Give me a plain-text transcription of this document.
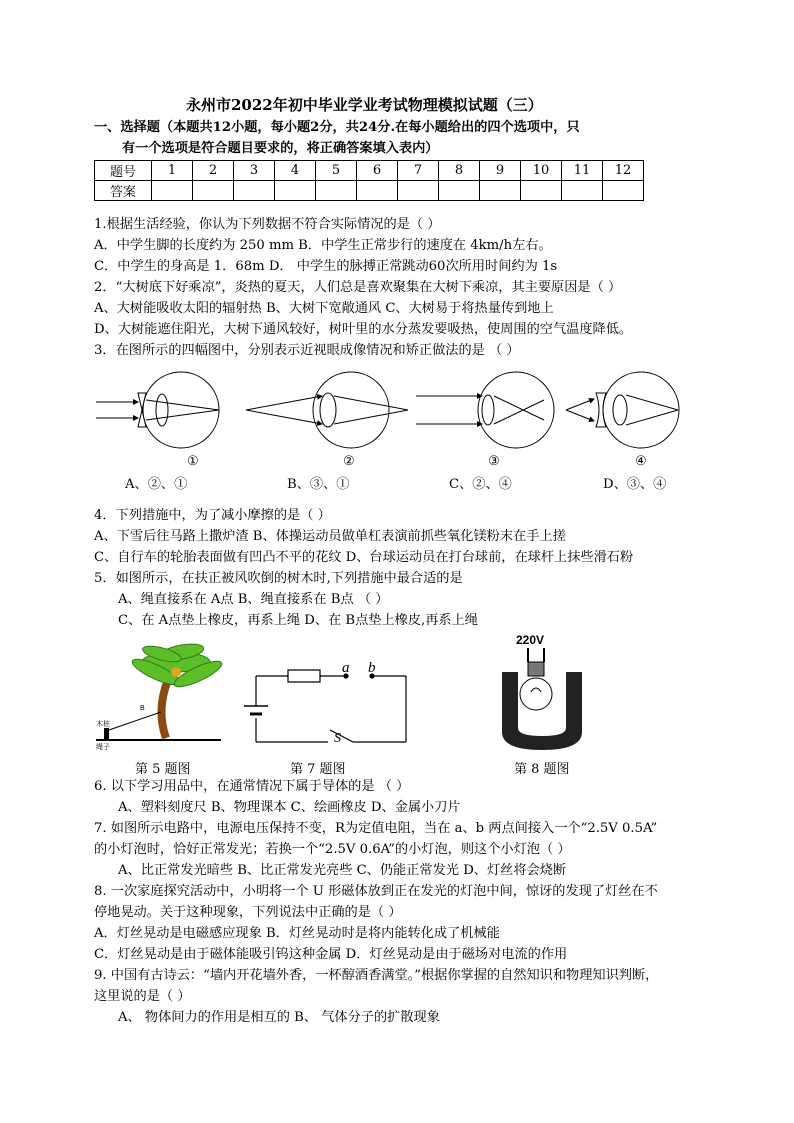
永州市2022年初中毕业学业考试物理模拟试题（三）
一、选择题（本题共12小题，每小题2分，共24分.在每小题给出的四个选项中，只
有一个选项是符合题目要求的，将正确答案填入表内）
题号	1	2	3	4	5	6	7	8	9	10	11	12
答案												
1.根据生活经验，你认为下列数据不符合实际情况的是（ ）
A．中学生脚的长度约为 250 mm B．中学生正常步行的速度在 4km/h左右。
C．中学生的身高是 1．68m D． 中学生的脉搏正常跳动60次所用时间约为 1s
2．“大树底下好乘凉”，炎热的夏天，人们总是喜欢聚集在大树下乘凉，其主要原因是（ ）
A、大树能吸收太阳的辐射热 B、大树下宽敞通风 C、大树易于将热量传到地上
D、大树能遮住阳光，大树下通风较好，树叶里的水分蒸发要吸热，使周围的空气温度降低。
3．在图所示的四幅图中，分别表示近视眼成像情况和矫正做法的是 （ ）
①	②	③	④
A、②、①	B、③、①	C、②、④	D、③、④
4．下列措施中，为了减小摩擦的是（ ）
A、下雪后往马路上撒炉渣 B、体操运动员做单杠表演前抓些氧化镁粉末在手上搓
C、自行车的轮胎表面做有凹凸不平的花纹 D、台球运动员在打台球前，在球杆上抹些滑石粉
5．如图所示，在扶正被风吹倒的树木时,下列措施中最合适的是
A、绳直接系在 A点 B、绳直接系在 B点 （ ）
C、在 A点垫上橡皮，再系上绳 D、在 B点垫上橡皮,再系上绳
B
木桩
绳子
第 5 题图
a b
S
第 7 题图
220V
第 8 题图
6. 以下学习用品中，在通常情况下属于导体的是 （ ）
A、塑料刻度尺 B、物理课本 C、绘画橡皮 D、金属小刀片
7. 如图所示电路中，电源电压保持不变，R为定值电阻，当在 a、b 两点间接入一个“2.5V 0.5A”
的小灯泡时，恰好正常发光；若换一个“2.5V 0.6A”的小灯泡，则这个小灯泡（ ）
A、比正常发光暗些 B、比正常发光亮些 C、仍能正常发光 D、灯丝将会烧断
8. 一次家庭探究活动中，小明将一个 U 形磁体放到正在发光的灯泡中间，惊讶的发现了灯丝在不
停地晃动。关于这种现象，下列说法中正确的是（ ）
A．灯丝晃动是电磁感应现象 B．灯丝晃动时是将内能转化成了机械能
C．灯丝晃动是由于磁体能吸引钨这种金属 D．灯丝晃动是由于磁场对电流的作用
9. 中国有古诗云：“墙内开花墙外香，一杯醇酒香满堂。”根据你掌握的自然知识和物理知识判断，
这里说的是（ ）
A、 物体间力的作用是相互的 B、 气体分子的扩散现象
